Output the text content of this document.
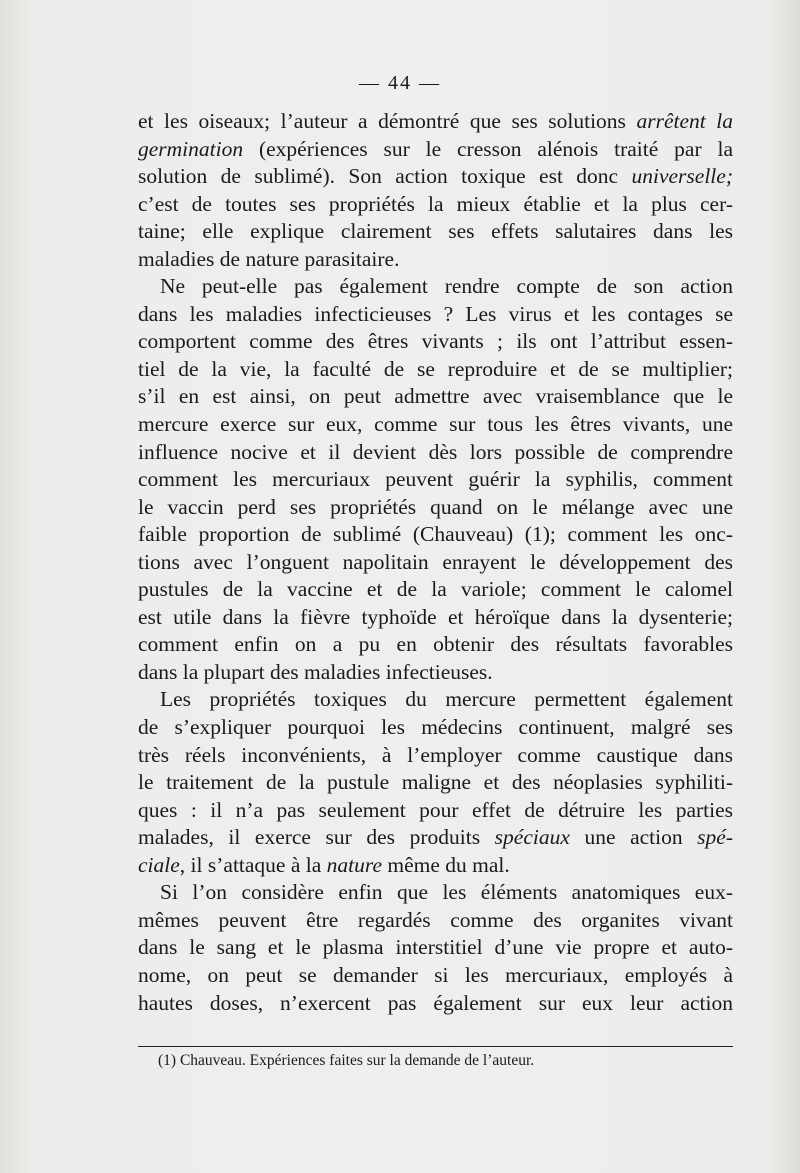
— 44 —
et les oiseaux; l’auteur a démontré que ses solutions arrêtent la
germination (expériences sur le cresson alénois traité par la
solution de sublimé). Son action toxique est donc universelle;
c’est de toutes ses propriétés la mieux établie et la plus cer-
taine; elle explique clairement ses effets salutaires dans les
maladies de nature parasitaire.
Ne peut-elle pas également rendre compte de son action
dans les maladies infecticieuses ? Les virus et les contages se
comportent comme des êtres vivants ; ils ont l’attribut essen-
tiel de la vie, la faculté de se reproduire et de se multiplier;
s’il en est ainsi, on peut admettre avec vraisemblance que le
mercure exerce sur eux, comme sur tous les êtres vivants, une
influence nocive et il devient dès lors possible de comprendre
comment les mercuriaux peuvent guérir la syphilis, comment
le vaccin perd ses propriétés quand on le mélange avec une
faible proportion de sublimé (Chauveau) (1); comment les onc-
tions avec l’onguent napolitain enrayent le développement des
pustules de la vaccine et de la variole; comment le calomel
est utile dans la fièvre typhoïde et héroïque dans la dysenterie;
comment enfin on a pu en obtenir des résultats favorables
dans la plupart des maladies infectieuses.
Les propriétés toxiques du mercure permettent également
de s’expliquer pourquoi les médecins continuent, malgré ses
très réels inconvénients, à l’employer comme caustique dans
le traitement de la pustule maligne et des néoplasies syphiliti-
ques : il n’a pas seulement pour effet de détruire les parties
malades, il exerce sur des produits spéciaux une action spé-
ciale, il s’attaque à la nature même du mal.
Si l’on considère enfin que les éléments anatomiques eux-
mêmes peuvent être regardés comme des organites vivant
dans le sang et le plasma interstitiel d’une vie propre et auto-
nome, on peut se demander si les mercuriaux, employés à
hautes doses, n’exercent pas également sur eux leur action
(1) Chauveau. Expériences faites sur la demande de l’auteur.
